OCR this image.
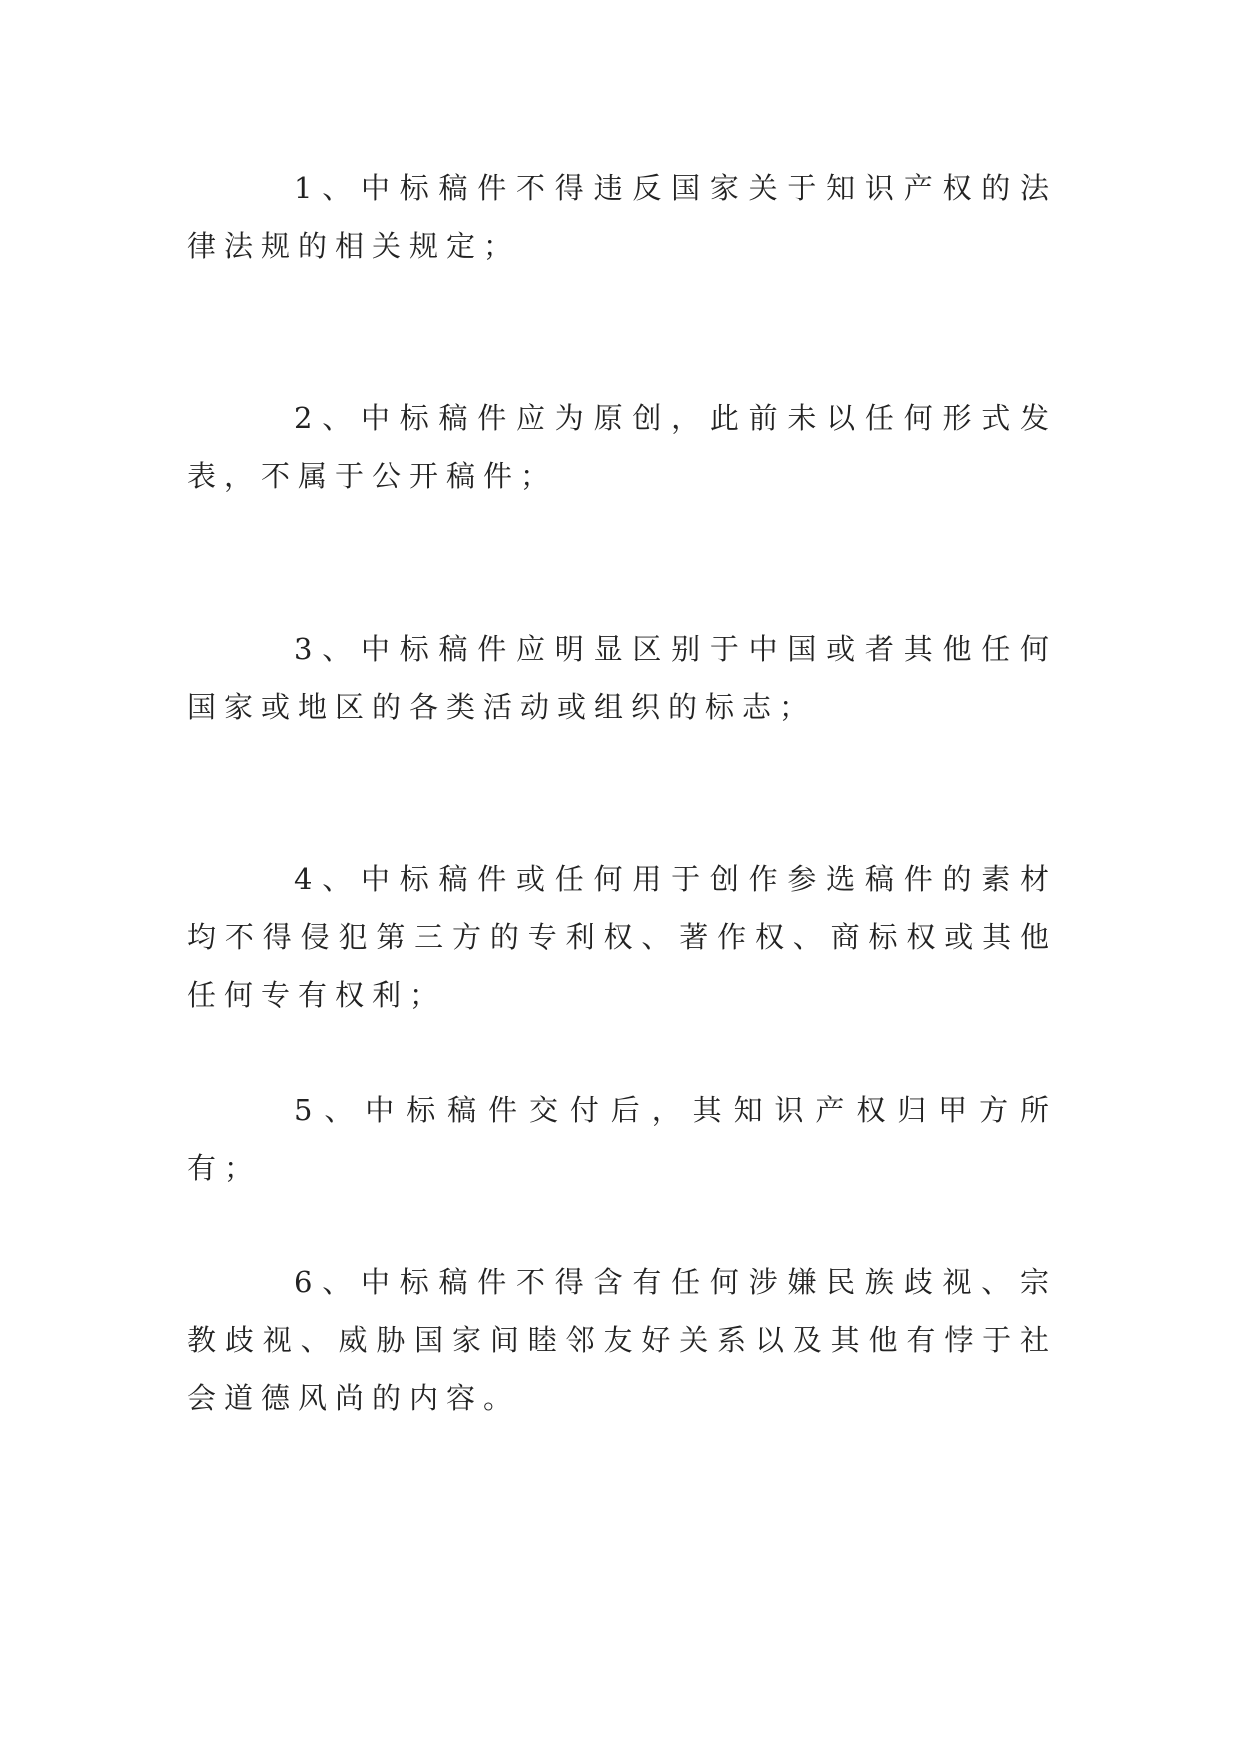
1、中标稿件不得违反国家关于知识产权的法律法规的相关规定；

2、中标稿件应为原创，此前未以任何形式发表，不属于公开稿件；

3、中标稿件应明显区别于中国或者其他任何国家或地区的各类活动或组织的标志；

4、中标稿件或任何用于创作参选稿件的素材均不得侵犯第三方的专利权、著作权、商标权或其他任何专有权利；

5、中标稿件交付后，其知识产权归甲方所有；

6、中标稿件不得含有任何涉嫌民族歧视、宗教歧视、威胁国家间睦邻友好关系以及其他有悖于社会道德风尚的内容。
